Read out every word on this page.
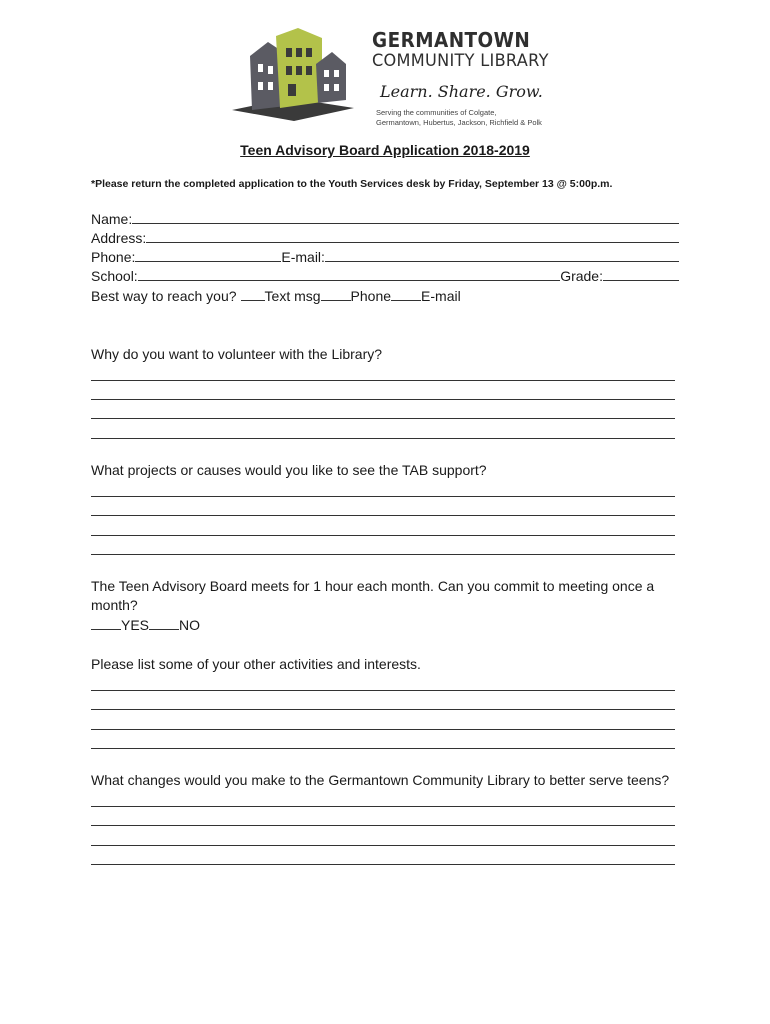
GERMANTOWN
COMMUNITY LIBRARY
Learn. Share. Grow.
Serving the communities of Colgate,
Germantown, Hubertus, Jackson, Richfield & Polk
Teen Advisory Board Application 2018-2019
*Please return the completed application to the Youth Services desk by Friday, September 13 @ 5:00p.m.
Name:
Address:
Phone:	E-mail:
School:	Grade:
Best way to reach you? Text msg Phone E-mail
Why do you want to volunteer with the Library?
What projects or causes would you like to see the TAB support?
The Teen Advisory Board meets for 1 hour each month. Can you commit to meeting once a
month?
YES NO
Please list some of your other activities and interests.
What changes would you make to the Germantown Community Library to better serve teens?
